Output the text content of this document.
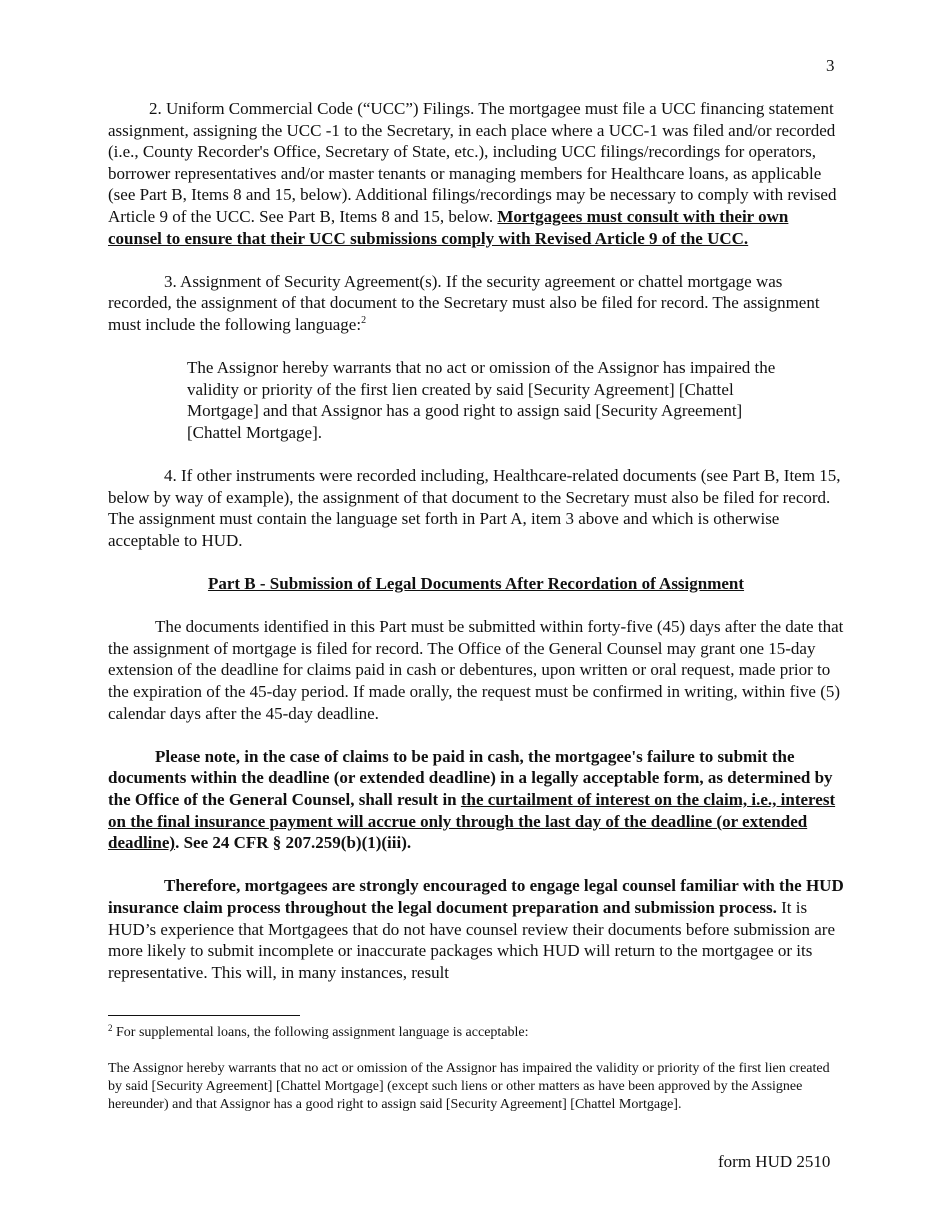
3

2. Uniform Commercial Code (“UCC”) Filings. The mortgagee must file a UCC financing statement assignment, assigning the UCC -1 to the Secretary, in each place where a UCC-1 was filed and/or recorded (i.e., County Recorder's Office, Secretary of State, etc.), including UCC filings/recordings for operators, borrower representatives and/or master tenants or managing members for Healthcare loans, as applicable (see Part B, Items 8 and 15, below). Additional filings/recordings may be necessary to comply with revised Article 9 of the UCC. See Part B, Items 8 and 15, below. Mortgagees must consult with their own counsel to ensure that their UCC submissions comply with Revised Article 9 of the UCC.

3. Assignment of Security Agreement(s). If the security agreement or chattel mortgage was recorded, the assignment of that document to the Secretary must also be filed for record. The assignment must include the following language:$^2$

The Assignor hereby warrants that no act or omission of the Assignor has impaired the validity or priority of the first lien created by said [Security Agreement] [Chattel Mortgage] and that Assignor has a good right to assign said [Security Agreement] [Chattel Mortgage].

4. If other instruments were recorded including, Healthcare-related documents (see Part B, Item 15, below by way of example), the assignment of that document to the Secretary must also be filed for record. The assignment must contain the language set forth in Part A, item 3 above and which is otherwise acceptable to HUD.

Part B - Submission of Legal Documents After Recordation of Assignment

The documents identified in this Part must be submitted within forty-five (45) days after the date that the assignment of mortgage is filed for record. The Office of the General Counsel may grant one 15-day extension of the deadline for claims paid in cash or debentures, upon written or oral request, made prior to the expiration of the 45-day period. If made orally, the request must be confirmed in writing, within five (5) calendar days after the 45-day deadline.

Please note, in the case of claims to be paid in cash, the mortgagee's failure to submit the documents within the deadline (or extended deadline) in a legally acceptable form, as determined by the Office of the General Counsel, shall result in the curtailment of interest on the claim, i.e., interest on the final insurance payment will accrue only through the last day of the deadline (or extended deadline). See 24 CFR § 207.259(b)(1)(iii).

Therefore, mortgagees are strongly encouraged to engage legal counsel familiar with the HUD insurance claim process throughout the legal document preparation and submission process. It is HUD’s experience that Mortgagees that do not have counsel review their documents before submission are more likely to submit incomplete or inaccurate packages which HUD will return to the mortgagee or its representative. This will, in many instances, result

$^2$ For supplemental loans, the following assignment language is acceptable:

The Assignor hereby warrants that no act or omission of the Assignor has impaired the validity or priority of the first lien created by said [Security Agreement] [Chattel Mortgage] (except such liens or other matters as have been approved by the Assignee hereunder) and that Assignor has a good right to assign said [Security Agreement] [Chattel Mortgage].

form HUD 2510
